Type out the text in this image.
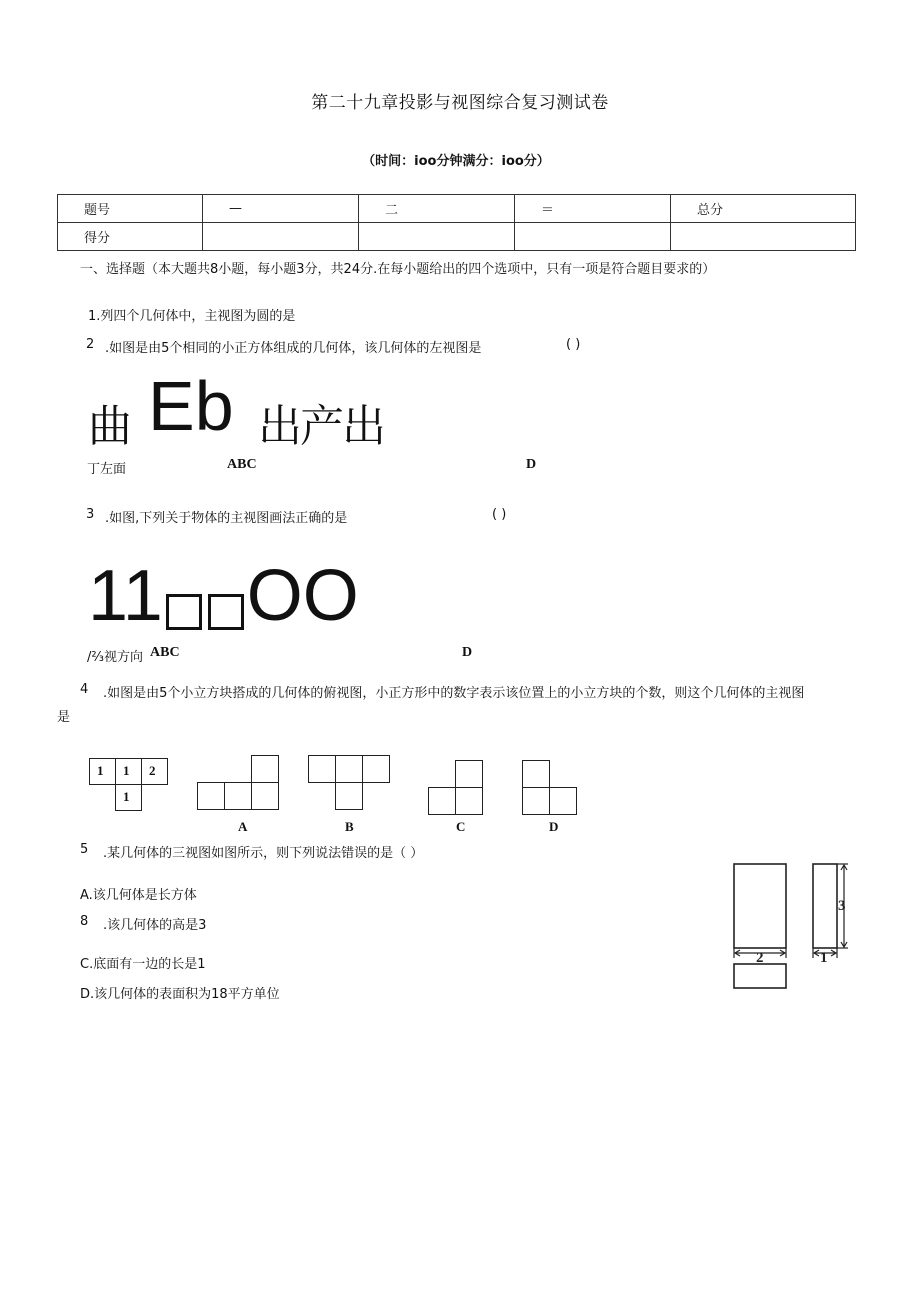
第二十九章投影与视图综合复习测试卷
（时间：ioo分钟满分：ioo分）
题号	—	二	＝	总分
得分				
一、选择题（本大题共8小题，每小题3分，共24分.在每小题给出的四个选项中，只有一项是符合题目要求的）
1.列四个几何体中，主视图为圆的是
2 .如图是由5个相同的小正方体组成的几何体，该几何体的左视图是	( )
曲 Eb 出产出
丁左面	ABC	D
3 .如图,下列关于物体的主视图画法正确的是	( )
11 OO
/⅔视方向 ABC	D
4 .如图是由5个小立方块搭成的几何体的俯视图，小正方形中的数字表示该位置上的小立方块的个数，则这个几何体的主视图
是
1 1 2
1
A	B	C	D
5 .某几何体的三视图如图所示，则下列说法错误的是（ ）
A.该几何体是长方体
8 .该几何体的高是3
C.底面有一边的长是1
D.该几何体的表面积为18平方单位
2
3
1
